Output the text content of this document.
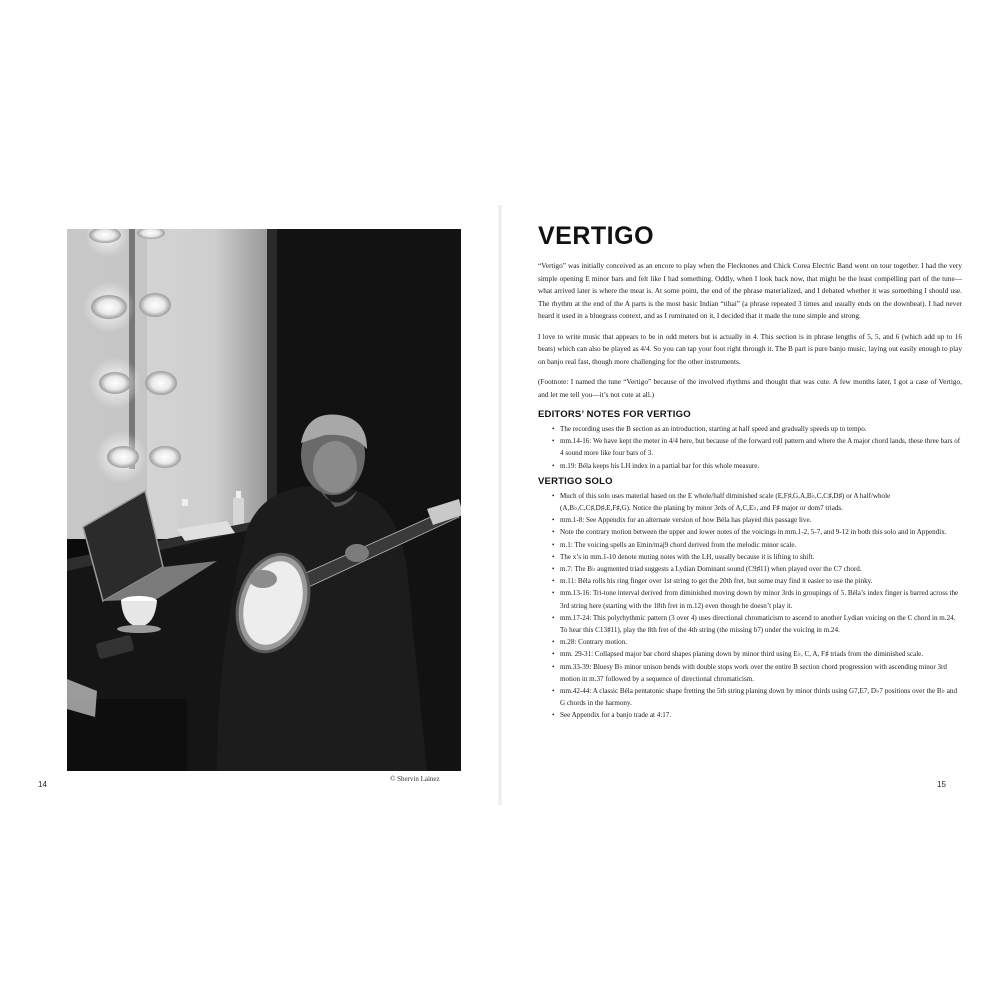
© Shervin Lainez
14
VERTIGO

“Vertigo” was initially conceived as an encore to play when the Flecktones and Chick Corea Electric Band went on tour together. I had the very simple opening E minor bars and felt like I had something. Oddly, when I look back now, that might be the least compelling part of the tune—what arrived later is where the meat is. At some point, the end of the phrase materialized, and I debated whether it was something I should use. The rhythm at the end of the A parts is the most basic Indian “tihai” (a phrase repeated 3 times and usually ends on the downbeat). I had never heard it used in a bluegrass context, and as I ruminated on it, I decided that it made the tune simple and strong.

I love to write music that appears to be in odd meters but is actually in 4. This section is in phrase lengths of 5, 5, and 6 (which add up to 16 beats) which can also be played as 4/4. So you can tap your foot right through it. The B part is pure banjo music, laying out easily enough to play on banjo real fast, though more challenging for the other instruments.

(Footnote: I named the tune “Vertigo” because of the involved rhythms and thought that was cute. A few months later, I got a case of Vertigo, and let me tell you—it’s not cute at all.)

EDITORS’ NOTES FOR VERTIGO
• The recording uses the B section as an introduction, starting at half speed and gradually speeds up to tempo.
• mm.14-16: We have kept the meter in 4/4 here, but because of the forward roll pattern and where the A major chord lands, these three bars of 4 sound more like four bars of 3.
• m.19: Béla keeps his LH index in a partial bar for this whole measure.
VERTIGO SOLO
• Much of this solo uses material based on the E whole/half diminished scale (E,F♯,G,A,B♭,C,C♯,D♯) or A half/whole (A,B♭,C,C♯,D♯,E,F♯,G). Notice the planing by minor 3rds of A,C,E♭, and F♯ major or dom7 triads.
• mm.1-8: See Appendix for an alternate version of how Béla has played this passage live.
• Note the contrary motion between the upper and lower notes of the voicings in mm.1-2, 5-7, and 9-12 in both this solo and in Appendix.
• m.1: The voicing spells an Emin/maj9 chord derived from the melodic minor scale.
• The x’s in mm.1-10 denote muting notes with the LH, usually because it is lifting to shift.
• m.7: The B♭ augmented triad suggests a Lydian Dominant sound (C9♯11) when played over the C7 chord.
• m.11: Béla rolls his ring finger over 1st string to get the 20th fret, but some may find it easier to use the pinky.
• mm.13-16: Tri-tone interval derived from diminished moving down by minor 3rds in groupings of 5. Béla’s index finger is barred across the 3rd string here (starting with the 18th fret in m.12) even though he doesn’t play it.
• mm.17-24: This polyrhythmic pattern (3 over 4) uses directional chromaticism to ascend to another Lydian voicing on the C chord in m.24. To hear this C13♯11), play the 8th fret of the 4th string (the missing b7) under the voicing in m.24.
• m.28: Contrary motion.
• mm. 29-31: Collapsed major bar chord shapes planing down by minor third using E♭, C, A, F♯ triads from the diminished scale.
• mm.33-39: Bluesy B♭ minor unison bends with double stops work over the entire B section chord progression with ascending minor 3rd motion in m.37 followed by a sequence of directional chromaticism.
• mm.42-44: A classic Béla pentatonic shape fretting the 5th string planing down by minor thirds using G7,E7, D♭7 positions over the B♭ and G chords in the harmony.
• See Appendix for a banjo trade at 4:17.
15
